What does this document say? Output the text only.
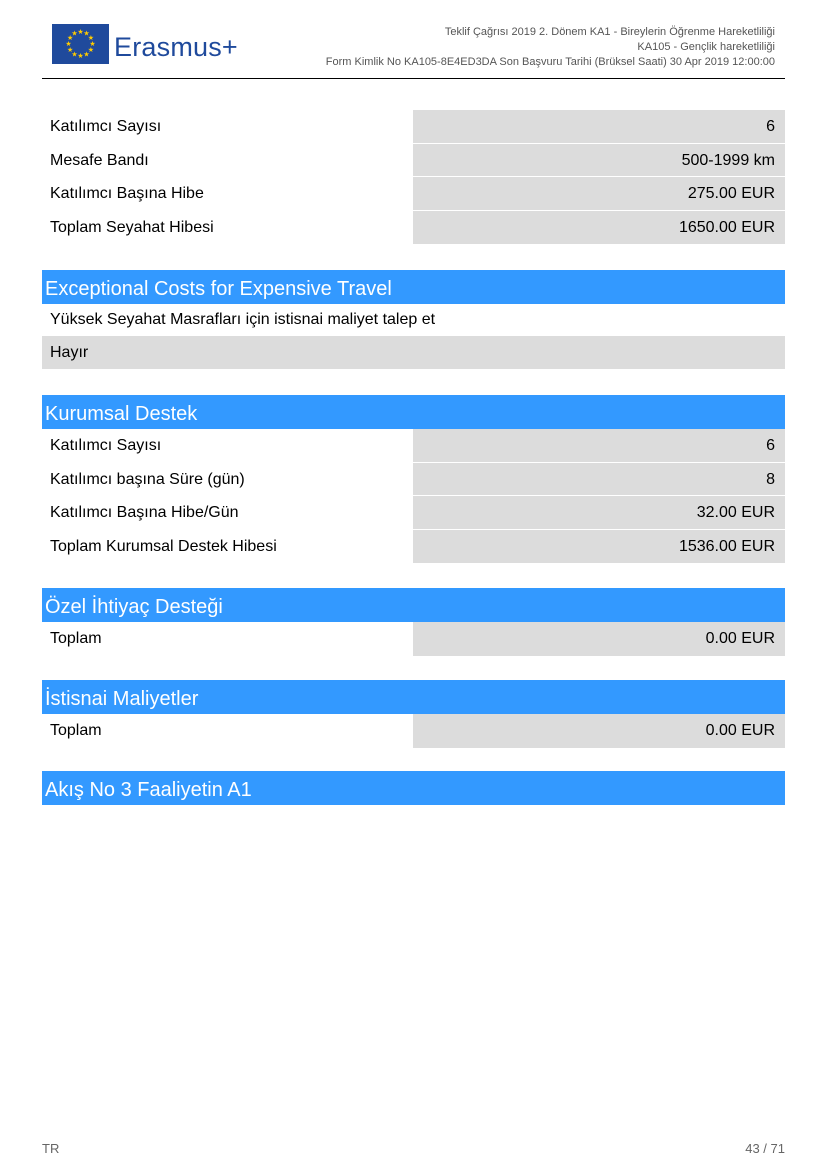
★ ★
★
★
★
★
★
★
★
★
★
★ Erasmus+	Teklif Çağrısı 2019 2. Dönem KA1 - Bireylerin Öğrenme Hareketliliği
KA105 - Gençlik hareketliliği
Form Kimlik No KA105-8E4ED3DA Son Başvuru Tarihi (Brüksel Saati) 30 Apr 2019 12:00:00
Katılımcı Sayısı	6
Mesafe Bandı	500-1999 km
Katılımcı Başına Hibe	275.00 EUR
Toplam Seyahat Hibesi	1650.00 EUR
Exceptional Costs for Expensive Travel
Yüksek Seyahat Masrafları için istisnai maliyet talep et
Hayır
Kurumsal Destek
Katılımcı Sayısı	6
Katılımcı başına Süre (gün)	8
Katılımcı Başına Hibe/Gün	32.00 EUR
Toplam Kurumsal Destek Hibesi	1536.00 EUR
Özel İhtiyaç Desteği
Toplam	0.00 EUR
İstisnai Maliyetler
Toplam	0.00 EUR
Akış No 3 Faaliyetin A1
TR	43 / 71
